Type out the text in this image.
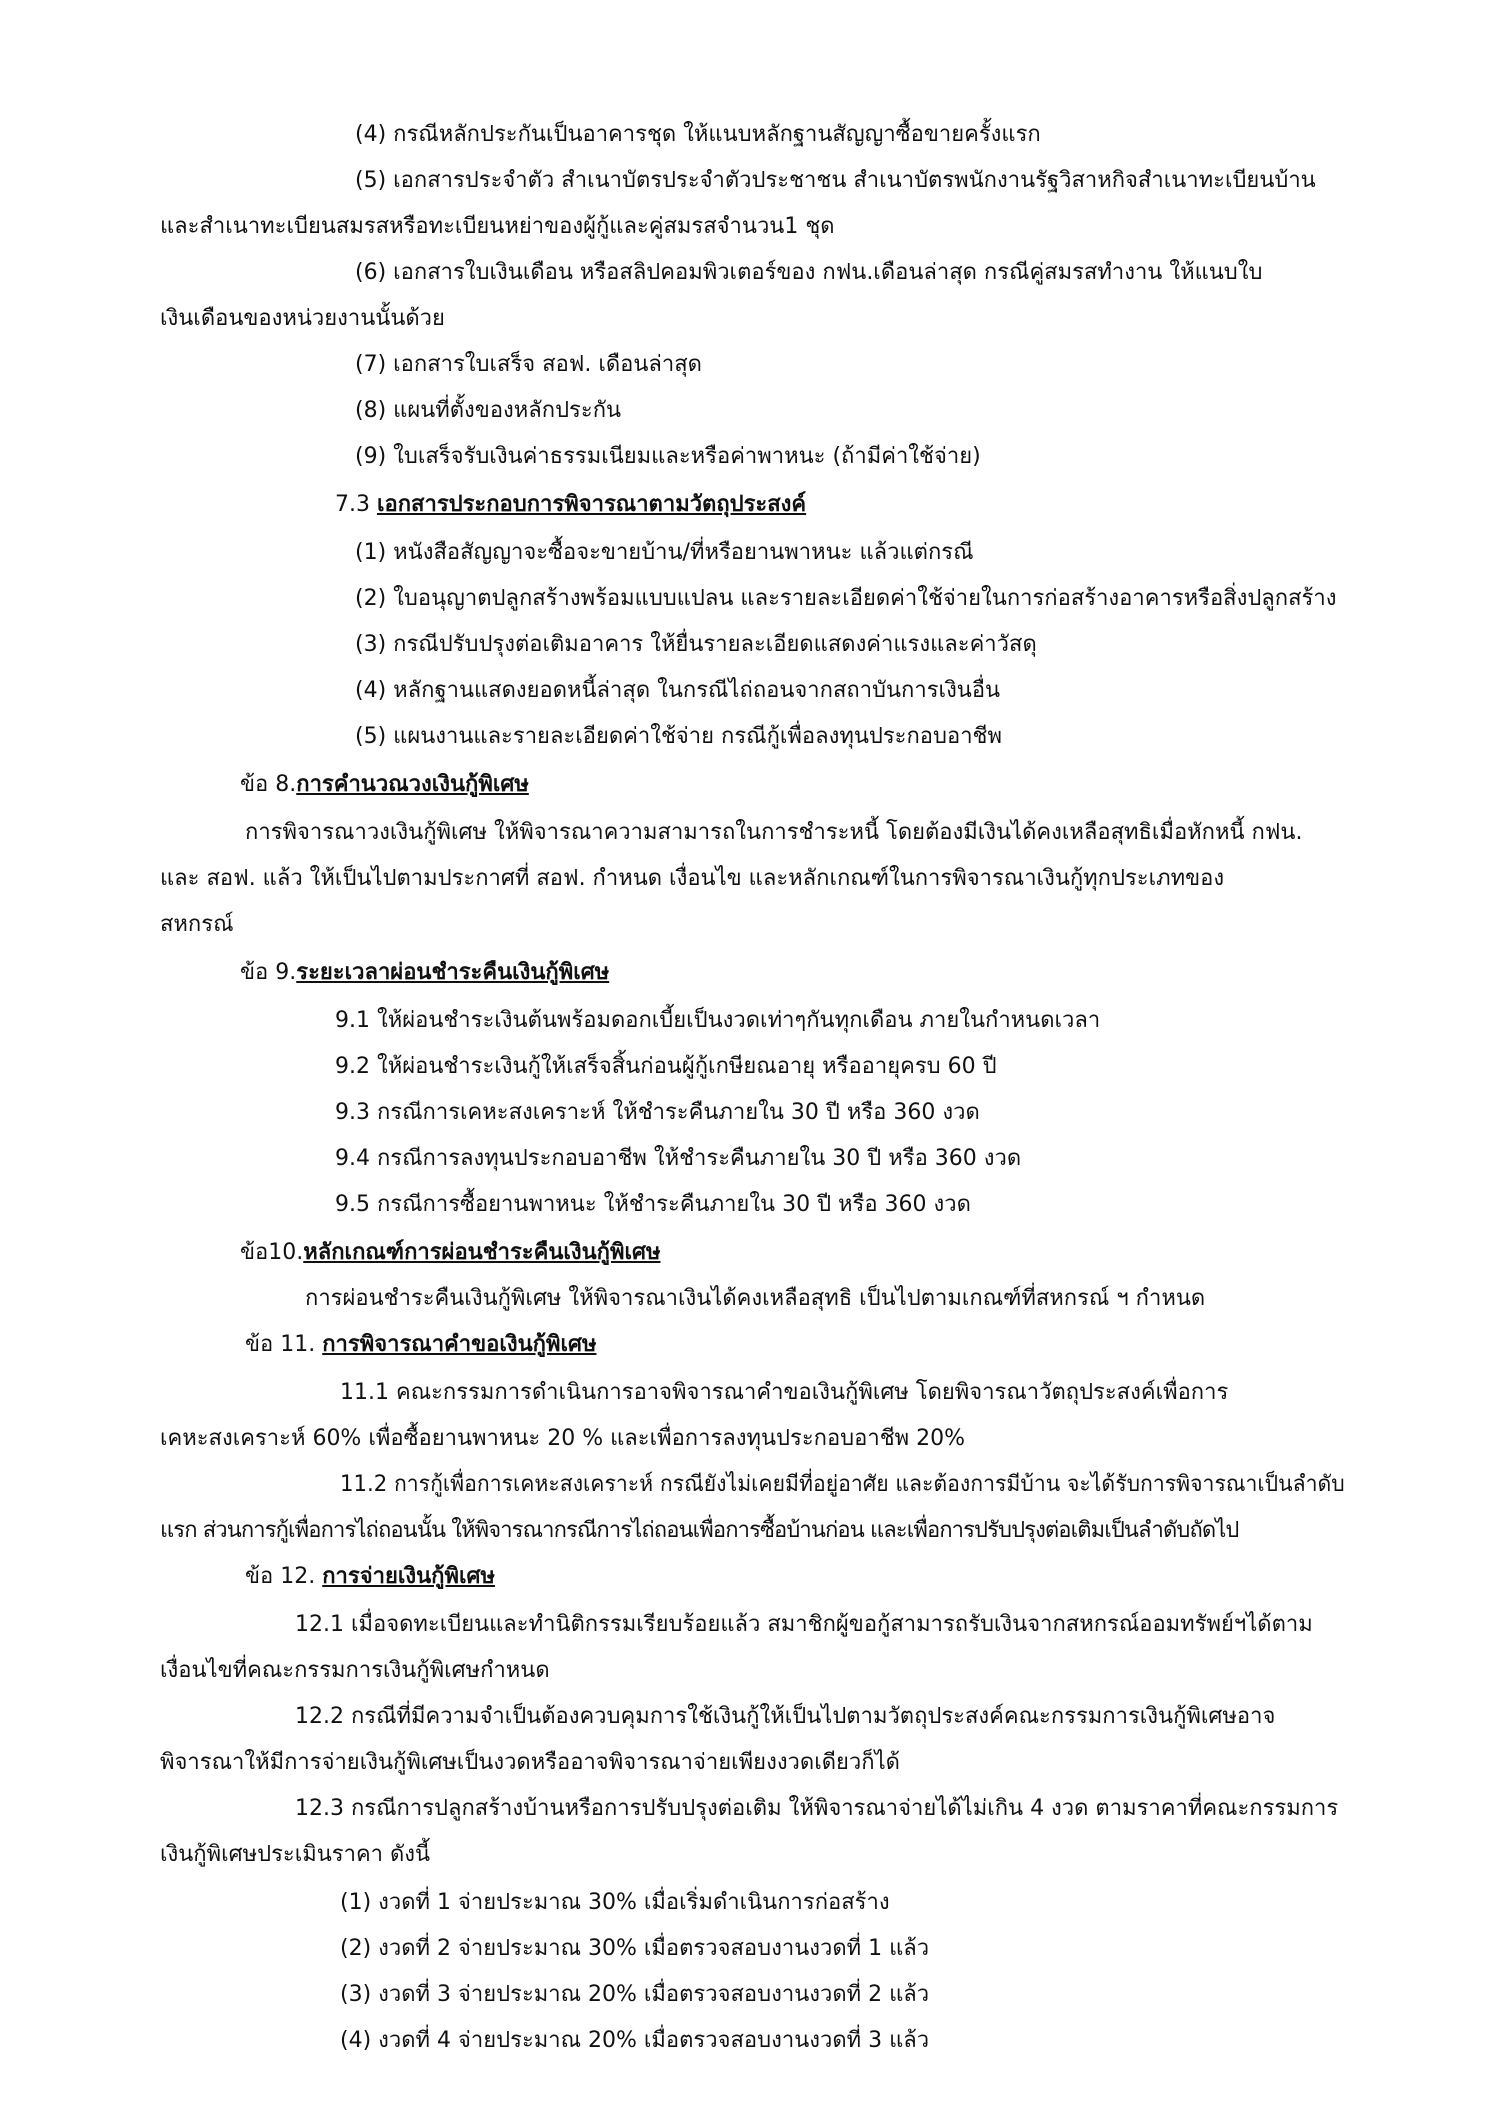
(4) กรณีหลักประกันเป็นอาคารชุด ให้แนบหลักฐานสัญญาซื้อขายครั้งแรก
(5) เอกสารประจำตัว สำเนาบัตรประจำตัวประชาชน สำเนาบัตรพนักงานรัฐวิสาหกิจสำเนาทะเบียนบ้าน
และสำเนาทะเบียนสมรสหรือทะเบียนหย่าของผู้กู้และคู่สมรสจำนวน1 ชุด
(6) เอกสารใบเงินเดือน หรือสลิปคอมพิวเตอร์ของ กฟน.เดือนล่าสุด กรณีคู่สมรสทำงาน ให้แนบใบ
เงินเดือนของหน่วยงานนั้นด้วย
(7) เอกสารใบเสร็จ สอฟ. เดือนล่าสุด
(8) แผนที่ตั้งของหลักประกัน
(9) ใบเสร็จรับเงินค่าธรรมเนียมและหรือค่าพาหนะ (ถ้ามีค่าใช้จ่าย)
7.3 เอกสารประกอบการพิจารณาตามวัตถุประสงค์
(1) หนังสือสัญญาจะซื้อจะขายบ้าน/ที่หรือยานพาหนะ แล้วแต่กรณี
(2) ใบอนุญาตปลูกสร้างพร้อมแบบแปลน และรายละเอียดค่าใช้จ่ายในการก่อสร้างอาคารหรือสิ่งปลูกสร้าง
(3) กรณีปรับปรุงต่อเติมอาคาร ให้ยื่นรายละเอียดแสดงค่าแรงและค่าวัสดุ
(4) หลักฐานแสดงยอดหนี้ล่าสุด ในกรณีไถ่ถอนจากสถาบันการเงินอื่น
(5) แผนงานและรายละเอียดค่าใช้จ่าย กรณีกู้เพื่อลงทุนประกอบอาชีพ
ข้อ 8.การคำนวณวงเงินกู้พิเศษ
การพิจารณาวงเงินกู้พิเศษ ให้พิจารณาความสามารถในการชำระหนี้ โดยต้องมีเงินได้คงเหลือสุทธิเมื่อหักหนี้ กฟน.
และ สอฟ. แล้ว ให้เป็นไปตามประกาศที่ สอฟ. กำหนด เงื่อนไข และหลักเกณฑ์ในการพิจารณาเงินกู้ทุกประเภทของ
สหกรณ์
ข้อ 9.ระยะเวลาผ่อนชำระคืนเงินกู้พิเศษ
9.1 ให้ผ่อนชำระเงินต้นพร้อมดอกเบี้ยเป็นงวดเท่าๆกันทุกเดือน ภายในกำหนดเวลา
9.2 ให้ผ่อนชำระเงินกู้ให้เสร็จสิ้นก่อนผู้กู้เกษียณอายุ หรืออายุครบ 60 ปี
9.3 กรณีการเคหะสงเคราะห์ ให้ชำระคืนภายใน 30 ปี หรือ 360 งวด
9.4 กรณีการลงทุนประกอบอาชีพ ให้ชำระคืนภายใน 30 ปี หรือ 360 งวด
9.5 กรณีการซื้อยานพาหนะ ให้ชำระคืนภายใน 30 ปี หรือ 360 งวด
ข้อ10.หลักเกณฑ์การผ่อนชำระคืนเงินกู้พิเศษ
การผ่อนชำระคืนเงินกู้พิเศษ ให้พิจารณาเงินได้คงเหลือสุทธิ เป็นไปตามเกณฑ์ที่สหกรณ์ ฯ กำหนด
ข้อ 11. การพิจารณาคำขอเงินกู้พิเศษ
11.1 คณะกรรมการดำเนินการอาจพิจารณาคำขอเงินกู้พิเศษ โดยพิจารณาวัตถุประสงค์เพื่อการ
เคหะสงเคราะห์ 60% เพื่อซื้อยานพาหนะ 20 % และเพื่อการลงทุนประกอบอาชีพ 20%
11.2 การกู้เพื่อการเคหะสงเคราะห์ กรณียังไม่เคยมีที่อยู่อาศัย และต้องการมีบ้าน จะได้รับการพิจารณาเป็นลำดับ
แรก ส่วนการกู้เพื่อการไถ่ถอนนั้น ให้พิจารณากรณีการไถ่ถอนเพื่อการซื้อบ้านก่อน และเพื่อการปรับปรุงต่อเติมเป็นลำดับถัดไป
ข้อ 12. การจ่ายเงินกู้พิเศษ
12.1 เมื่อจดทะเบียนและทำนิติกรรมเรียบร้อยแล้ว สมาชิกผู้ขอกู้สามารถรับเงินจากสหกรณ์ออมทรัพย์ฯได้ตาม
เงื่อนไขที่คณะกรรมการเงินกู้พิเศษกำหนด
12.2 กรณีที่มีความจำเป็นต้องควบคุมการใช้เงินกู้ให้เป็นไปตามวัตถุประสงค์คณะกรรมการเงินกู้พิเศษอาจ
พิจารณาให้มีการจ่ายเงินกู้พิเศษเป็นงวดหรืออาจพิจารณาจ่ายเพียงงวดเดียวก็ได้
12.3 กรณีการปลูกสร้างบ้านหรือการปรับปรุงต่อเติม ให้พิจารณาจ่ายได้ไม่เกิน 4 งวด ตามราคาที่คณะกรรมการ
เงินกู้พิเศษประเมินราคา ดังนี้
(1) งวดที่ 1 จ่ายประมาณ 30% เมื่อเริ่มดำเนินการก่อสร้าง
(2) งวดที่ 2 จ่ายประมาณ 30% เมื่อตรวจสอบงานงวดที่ 1 แล้ว
(3) งวดที่ 3 จ่ายประมาณ 20% เมื่อตรวจสอบงานงวดที่ 2 แล้ว
(4) งวดที่ 4 จ่ายประมาณ 20% เมื่อตรวจสอบงานงวดที่ 3 แล้ว
